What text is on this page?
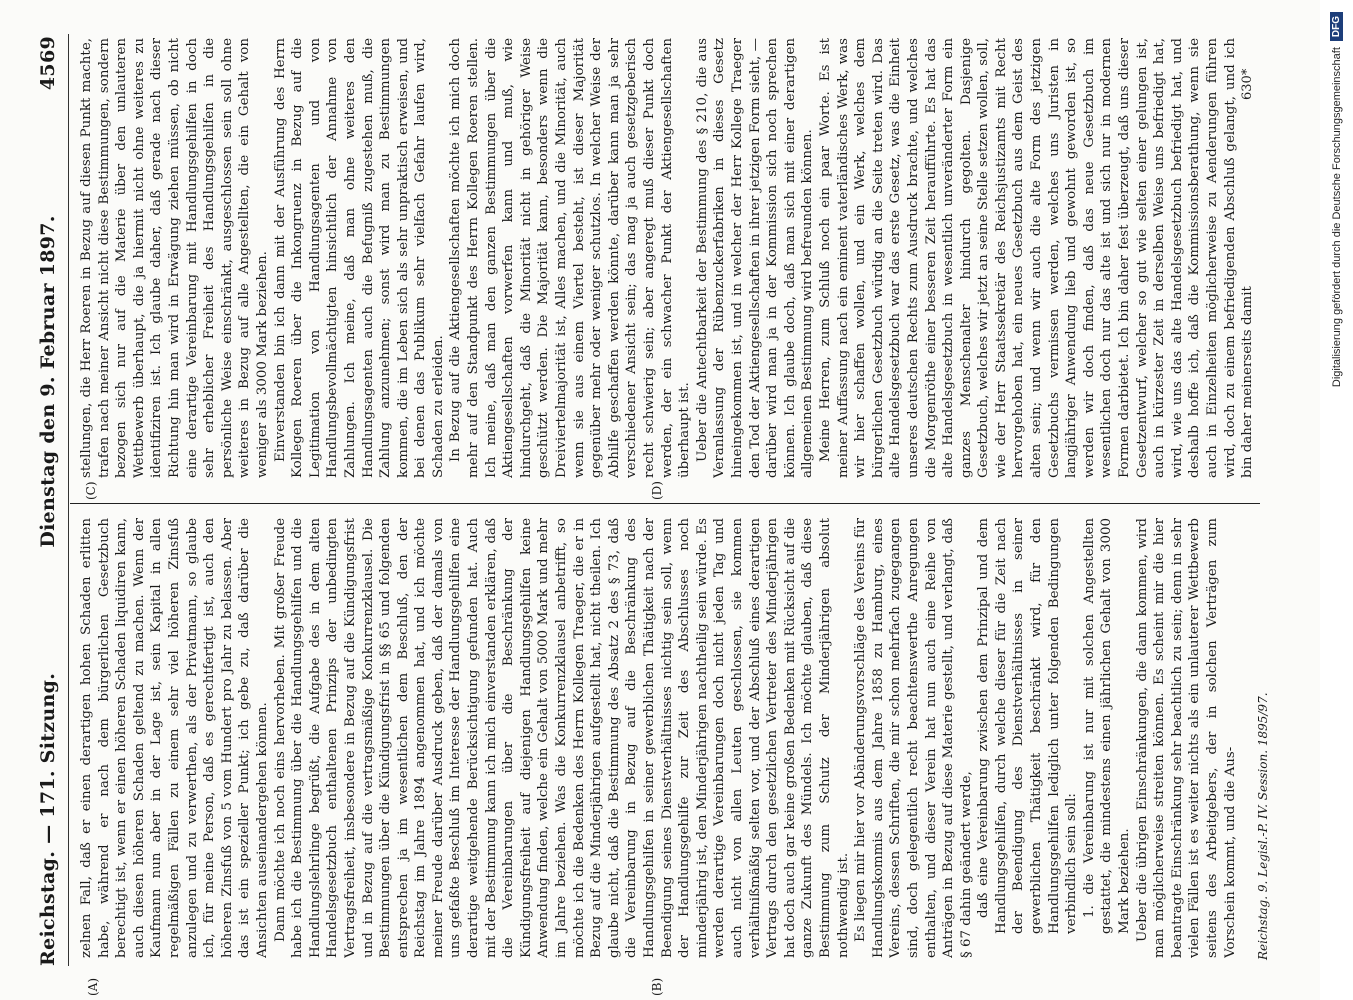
Reichstag. — 171. Sitzung.
Dienstag den 9. Februar 1897.
4569
(A)	(B)
(C)	(D)

zelnen Fall, daß er einen derartigen hohen Schaden erlitten habe, während er nach dem bürgerlichen Gesetzbuch berechtigt ist, wenn er einen höheren Schaden liquidiren kann, auch diesen höheren Schaden geltend zu machen. Wenn der Kaufmann nun aber in der Lage ist, sein Kapital in allen regelmäßigen Fällen zu einem sehr viel höheren Zinsfuß anzulegen und zu verwerthen, als der Privatmann, so glaube ich, für meine Person, daß es gerechtfertigt ist, auch den höheren Zinsfuß von 5 vom Hundert pro Jahr zu belassen. Aber das ist ein spezieller Punkt; ich gebe zu, daß darüber die Ansichten auseinandergehen können. Dann möchte ich noch eins hervorheben. Mit großer Freude habe ich die Bestimmung über die Handlungsgehilfen und die Handlungslehrlinge begrüßt, die Aufgabe des in dem alten Handelsgesetzbuch enthaltenen Prinzips der unbedingten Vertragsfreiheit, insbesondere in Bezug auf die Kündigungsfrist und in Bezug auf die vertragsmäßige Konkurrenzklausel. Die Bestimmungen über die Kündigungsfrist in §§ 65 und folgenden entsprechen ja im wesentlichen dem Beschluß, den der Reichstag im Jahre 1894 angenommen hat, und ich möchte meiner Freude darüber Ausdruck geben, daß der damals von uns gefaßte Beschluß im Interesse der Handlungsgehilfen eine derartige weitgehende Berücksichtigung gefunden hat. Auch mit der Bestimmung kann ich mich einverstanden erklären, daß die Vereinbarungen über die Beschränkung der Kündigungsfreiheit auf diejenigen Handlungsgehilfen keine Anwendung finden, welche ein Gehalt von 5000 Mark und mehr im Jahre beziehen. Was die Konkurrenzklausel anbetrifft, so möchte ich die Bedenken des Herrn Kollegen Traeger, die er in Bezug auf die Minderjährigen aufgestellt hat, nicht theilen. Ich glaube nicht, daß die Bestimmung des Absatz 2 des § 73, daß die Vereinbarung in Bezug auf die Beschränkung des Handlungsgehilfen in seiner gewerblichen Thätigkeit nach der Beendigung seines Dienstverhältnisses nichtig sein soll, wenn der Handlungsgehilfe zur Zeit des Abschlusses noch minderjährig ist, den Minderjährigen nachtheilig sein würde. Es werden derartige Vereinbarungen doch nicht jeden Tag und auch nicht von allen Leuten geschlossen, sie kommen verhältnißmäßig selten vor, und der Abschluß eines derartigen Vertrags durch den gesetzlichen Vertreter des Minderjährigen hat doch auch gar keine großen Bedenken mit Rücksicht auf die ganze Zukunft des Mündels. Ich möchte glauben, daß diese Bestimmung zum Schutz der Minderjährigen absolut nothwendig ist. Es liegen mir hier vor Abänderungsvorschläge des Vereins für Handlungskommis aus dem Jahre 1858 zu Hamburg, eines Vereins, dessen Schriften, die mir schon mehrfach zugegangen sind, doch gelegentlich recht beachtenswerthe Anregungen enthalten, und dieser Verein hat nun auch eine Reihe von Anträgen in Bezug auf diese Materie gestellt, und verlangt, daß § 67 dahin geändert werde, daß eine Vereinbarung zwischen dem Prinzipal und dem Handlungsgehilfen, durch welche dieser für die Zeit nach der Beendigung des Dienstverhältnisses in seiner gewerblichen Thätigkeit beschränkt wird, für den Handlungsgehilfen lediglich unter folgenden Bedingungen verbindlich sein soll: 1. die Vereinbarung ist nur mit solchen Angestellten gestattet, die mindestens einen jährlichen Gehalt von 3000 Mark beziehen. Ueber die übrigen Einschränkungen, die dann kommen, wird man möglicherweise streiten können. Es scheint mir die hier beantragte Einschränkung sehr beachtlich zu sein; denn in sehr vielen Fällen ist es weiter nichts als ein unlauterer Wettbewerb seitens des Arbeitgebers, der in solchen Verträgen zum Vorschein kommt, und die Aus-

stellungen, die Herr Roeren in Bezug auf diesen Punkt machte, trafen nach meiner Ansicht nicht diese Bestimmungen, sondern bezogen sich nur auf die Materie über den unlauteren Wettbewerb überhaupt, die ja hiermit nicht ohne weiteres zu identifiziren ist. Ich glaube daher, daß gerade nach dieser Richtung hin man wird in Erwägung ziehen müssen, ob nicht eine derartige Vereinbarung mit Handlungsgehilfen in doch sehr erheblicher Freiheit des Handlungsgehilfen in die persönliche Weise einschränkt, ausgeschlossen sein soll ohne weiteres in Bezug auf alle Angestellten, die ein Gehalt von weniger als 3000 Mark beziehen. Einverstanden bin ich dann mit der Ausführung des Herrn Kollegen Roeren über die Inkongruenz in Bezug auf die Legitimation von Handlungsagenten und von Handlungsbevollmächtigten hinsichtlich der Annahme von Zahlungen. Ich meine, daß man ohne weiteres den Handlungsagenten auch die Befugniß zugestehen muß, die Zahlung anzunehmen; sonst wird man zu Bestimmungen kommen, die im Leben sich als sehr unpraktisch erweisen, und bei denen das Publikum sehr vielfach Gefahr laufen wird, Schaden zu erleiden. In Bezug auf die Aktiengesellschaften möchte ich mich doch mehr auf den Standpunkt des Herrn Kollegen Roeren stellen. Ich meine, daß man den ganzen Bestimmungen über die Aktiengesellschaften vorwerfen kann und muß, wie hindurchgeht, daß die Minorität nicht in gehöriger Weise geschützt werden. Die Majorität kann, besonders wenn die Dreiviertelmajorität ist, Alles machen, und die Minorität, auch wenn sie aus einem Viertel besteht, ist dieser Majorität gegenüber mehr oder weniger schutzlos. In welcher Weise der Abhilfe geschaffen werden könnte, darüber kann man ja sehr verschiedener Ansicht sein; das mag ja auch gesetzgeberisch recht schwierig sein; aber angeregt muß dieser Punkt doch werden, der ein schwacher Punkt der Aktiengesellschaften überhaupt ist. Ueber die Antechtbarkeit der Bestimmung des § 210, die aus Veranlassung der Rübenzuckerfabriken in dieses Gesetz hineingekommen ist, und in welcher der Herr Kollege Traeger den Tod der Aktiengesellschaften in ihrer jetzigen Form sieht, — darüber wird man ja in der Kommission sich noch sprechen können. Ich glaube doch, daß man sich mit einer derartigen allgemeinen Bestimmung wird befreunden können. Meine Herren, zum Schluß noch ein paar Worte. Es ist meiner Auffassung nach ein eminent vaterländisches Werk, was wir hier schaffen wollen, und ein Werk, welches dem bürgerlichen Gesetzbuch würdig an die Seite treten wird. Das alte Handelsgesetzbuch war das erste Gesetz, was die Einheit unseres deutschen Rechts zum Ausdruck brachte, und welches die Morgenröthe einer besseren Zeit heraufführte. Es hat das alte Handelsgesetzbuch in wesentlich unveränderter Form ein ganzes Menschenalter hindurch gegolten. Dasjenige Gesetzbuch, welches wir jetzt an seine Stelle setzen wollen, soll, wie der Herr Staatssekretär des Reichsjustizamts mit Recht hervorgehoben hat, ein neues Gesetzbuch aus dem Geist des alten sein; und wenn wir auch die alte Form des jetzigen Gesetzbuchs vermissen werden, welches uns Juristen in langjähriger Anwendung lieb und gewohnt geworden ist, so werden wir doch finden, daß das neue Gesetzbuch im wesentlichen doch nur das alte ist und sich nur in modernen Formen darbietet. Ich bin daher fest überzeugt, daß uns dieser Gesetzentwurf, welcher so gut wie selten einer gelungen ist, auch in kürzester Zeit in derselben Weise uns befriedigt hat, wird, wie uns das alte Handelsgesetzbuch befriedigt hat, und deshalb hoffe ich, daß die Kommissionsberathung, wenn sie auch in Einzelheiten möglicherweise zu Aenderungen führen wird, doch zu einem befriedigenden Abschluß gelangt, und ich bin daher meinerseits damit

Reichstag. 9. Legisl.-P. IV. Session. 1895/97.
630*	Digitalisierung gefördert durch die Deutsche Forschungsgemeinschaft
DFG
